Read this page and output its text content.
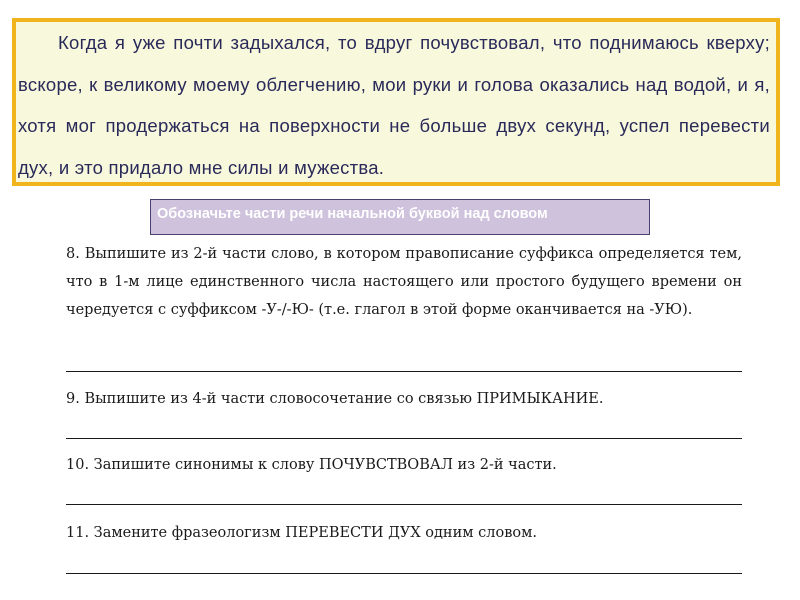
Когда я уже почти задыхался, то вдруг почувствовал, что поднимаюсь кверху; вскоре, к великому моему облегчению, мои руки и голова оказались над водой, и я, хотя мог продержаться на поверхности не больше двух секунд, успел перевести дух, и это придало мне силы и мужества.

Обозначьте части речи начальной буквой над словом

8. Выпишите из 2-й части слово, в котором правописание суффикса определяется тем, что в 1-м лице единственного числа настоящего или простого будущего времени он чередуется с суффиксом -У-/-Ю- (т.е. глагол в этой форме оканчивается на -УЮ).

9. Выпишите из 4-й части словосочетание со связью ПРИМЫКАНИЕ.

10. Запишите синонимы к слову ПОЧУВСТВОВАЛ из 2-й части.

11. Замените фразеологизм ПЕРЕВЕСТИ ДУХ одним словом.
